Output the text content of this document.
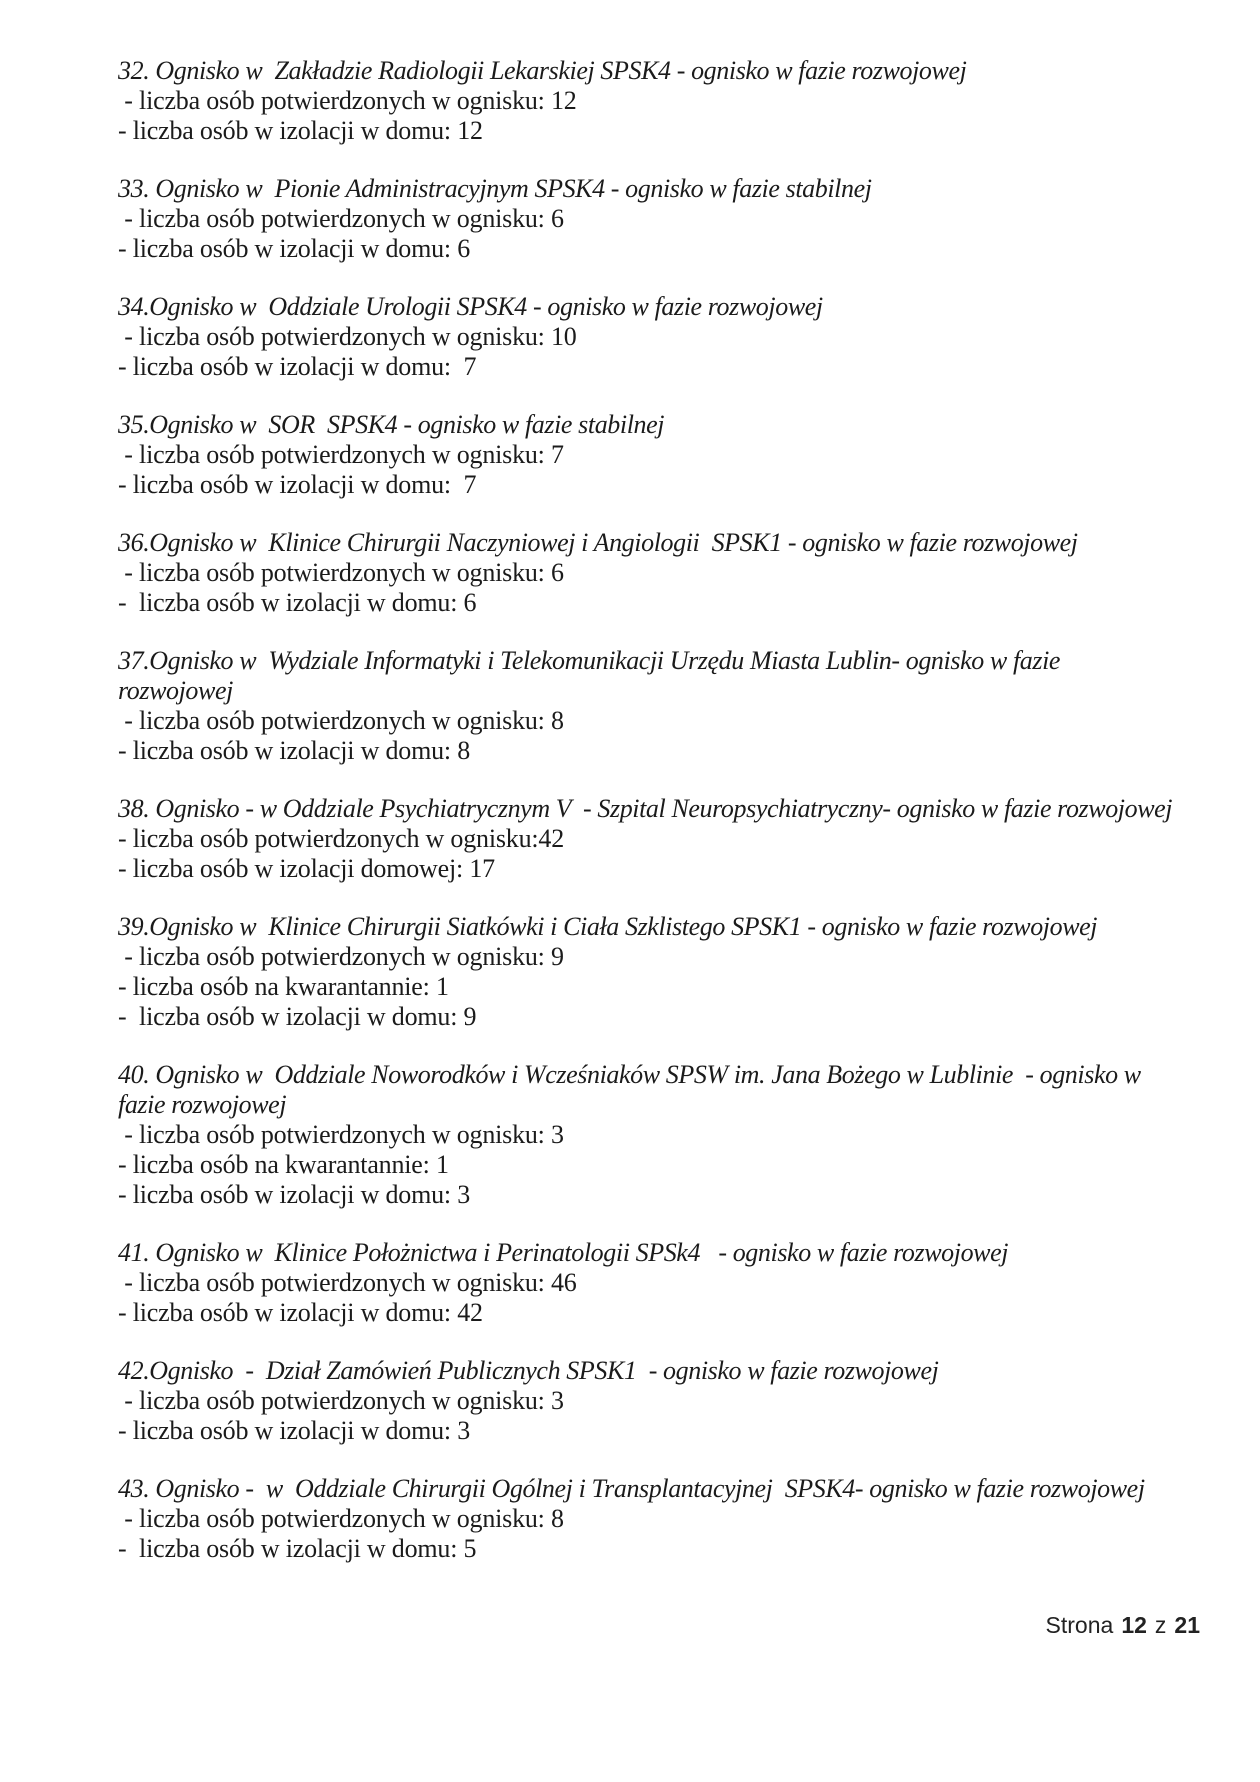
32. Ognisko w  Zakładzie Radiologii Lekarskiej SPSK4 - ognisko w fazie rozwojowej
- liczba osób potwierdzonych w ognisku: 12
- liczba osób w izolacji w domu: 12
33. Ognisko w  Pionie Administracyjnym SPSK4 - ognisko w fazie stabilnej
- liczba osób potwierdzonych w ognisku: 6
- liczba osób w izolacji w domu: 6
34.Ognisko w  Oddziale Urologii SPSK4 - ognisko w fazie rozwojowej
- liczba osób potwierdzonych w ognisku: 10
- liczba osób w izolacji w domu:  7
35.Ognisko w  SOR  SPSK4 - ognisko w fazie stabilnej
- liczba osób potwierdzonych w ognisku: 7
- liczba osób w izolacji w domu:  7
36.Ognisko w  Klinice Chirurgii Naczyniowej i Angiologii  SPSK1 - ognisko w fazie rozwojowej
- liczba osób potwierdzonych w ognisku: 6
-  liczba osób w izolacji w domu: 6
37.Ognisko w  Wydziale Informatyki i Telekomunikacji Urzędu Miasta Lublin- ognisko w fazie
rozwojowej
- liczba osób potwierdzonych w ognisku: 8
- liczba osób w izolacji w domu: 8
38. Ognisko - w Oddziale Psychiatrycznym V  - Szpital Neuropsychiatryczny- ognisko w fazie rozwojowej
- liczba osób potwierdzonych w ognisku:42
- liczba osób w izolacji domowej: 17
39.Ognisko w  Klinice Chirurgii Siatkówki i Ciała Szklistego SPSK1 - ognisko w fazie rozwojowej
- liczba osób potwierdzonych w ognisku: 9
- liczba osób na kwarantannie: 1
-  liczba osób w izolacji w domu: 9
40. Ognisko w  Oddziale Noworodków i Wcześniaków SPSW im. Jana Bożego w Lublinie  - ognisko w
fazie rozwojowej
- liczba osób potwierdzonych w ognisku: 3
- liczba osób na kwarantannie: 1
- liczba osób w izolacji w domu: 3
41. Ognisko w  Klinice Położnictwa i Perinatologii SPSk4   - ognisko w fazie rozwojowej
- liczba osób potwierdzonych w ognisku: 46
- liczba osób w izolacji w domu: 42
42.Ognisko  -  Dział Zamówień Publicznych SPSK1  - ognisko w fazie rozwojowej
- liczba osób potwierdzonych w ognisku: 3
- liczba osób w izolacji w domu: 3
43. Ognisko -  w  Oddziale Chirurgii Ogólnej i Transplantacyjnej  SPSK4- ognisko w fazie rozwojowej
- liczba osób potwierdzonych w ognisku: 8
-  liczba osób w izolacji w domu: 5
Strona 12 z 21
